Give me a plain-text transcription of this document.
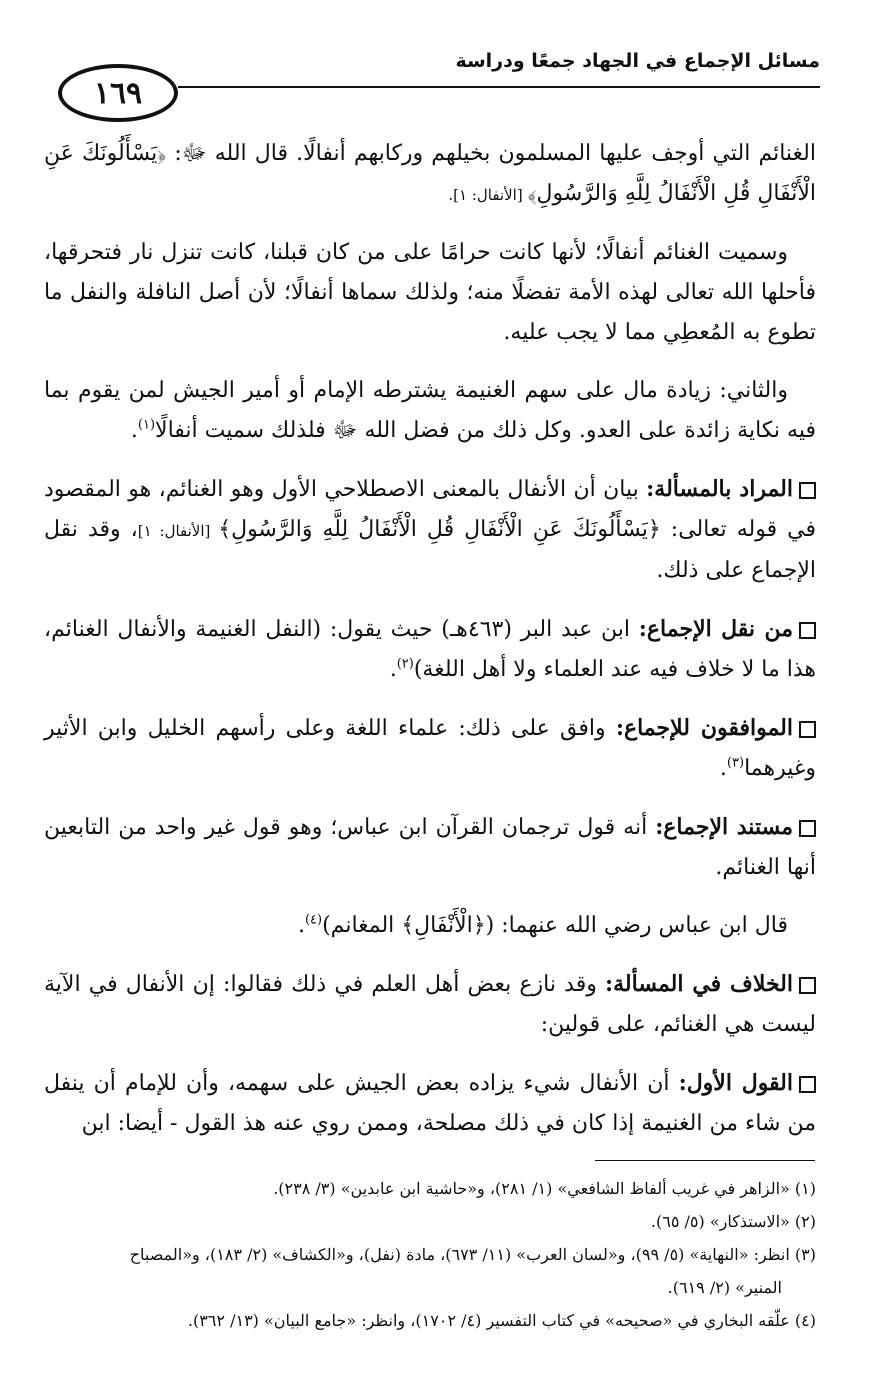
١٦٩
مسائل الإجماع في الجهاد جمعًا ودراسة

الغنائم التي أوجف عليها المسلمون بخيلهم وركابهم أنفالًا. قال الله ﷻ: ﴿يَسْأَلُونَكَ عَنِ الْأَنْفَالِ قُلِ الْأَنْفَالُ لِلَّهِ وَالرَّسُولِ﴾ [الأنفال: ١].

وسميت الغنائم أنفالًا؛ لأنها كانت حرامًا على من كان قبلنا، كانت تنزل نار فتحرقها، فأحلها الله تعالى لهذه الأمة تفضلًا منه؛ ولذلك سماها أنفالًا؛ لأن أصل النافلة والنفل ما تطوع به المُعطِي مما لا يجب عليه.

والثاني: زيادة مال على سهم الغنيمة يشترطه الإمام أو أمير الجيش لمن يقوم بما فيه نكاية زائدة على العدو. وكل ذلك من فضل الله ﷻ فلذلك سميت أنفالًا$^{(١)}$.

المراد بالمسألة: بيان أن الأنفال بالمعنى الاصطلاحي الأول وهو الغنائم، هو المقصود في قوله تعالى: ﴿يَسْأَلُونَكَ عَنِ الْأَنْفَالِ قُلِ الْأَنْفَالُ لِلَّهِ وَالرَّسُولِ﴾ [الأنفال: ١]، وقد نقل الإجماع على ذلك.

من نقل الإجماع: ابن عبد البر (٤٦٣هـ) حيث يقول: (النفل الغنيمة والأنفال الغنائم، هذا ما لا خلاف فيه عند العلماء ولا أهل اللغة)$^{(٢)}$.

الموافقون للإجماع: وافق على ذلك: علماء اللغة وعلى رأسهم الخليل وابن الأثير وغيرهما$^{(٣)}$.

مستند الإجماع: أنه قول ترجمان القرآن ابن عباس؛ وهو قول غير واحد من التابعين أنها الغنائم.

قال ابن عباس رضي الله عنهما: (﴿الْأَنْفَالِ﴾ المغانم)$^{(٤)}$.

الخلاف في المسألة: وقد نازع بعض أهل العلم في ذلك فقالوا: إن الأنفال في الآية ليست هي الغنائم، على قولين:

القول الأول: أن الأنفال شيء يزاده بعض الجيش على سهمه، وأن للإمام أن ينفل من شاء من الغنيمة إذا كان في ذلك مصلحة، وممن روي عنه هذ القول - أيضا: ابن

(١) «الزاهر في غريب ألفاظ الشافعي» (١/ ٢٨١)، و«حاشية ابن عابدين» (٣/ ٢٣٨).

(٢) «الاستذكار» (٥/ ٦٥).

(٣) انظر: «النهاية» (٥/ ٩٩)، و«لسان العرب» (١١/ ٦٧٣)، مادة (نفل)، و«الكشاف» (٢/ ١٨٣)، و«المصباح

المنير» (٢/ ٦١٩).

(٤) علّقه البخاري في «صحيحه» في كتاب التفسير (٤/ ١٧٠٢)، وانظر: «جامع البيان» (١٣/ ٣٦٢).
